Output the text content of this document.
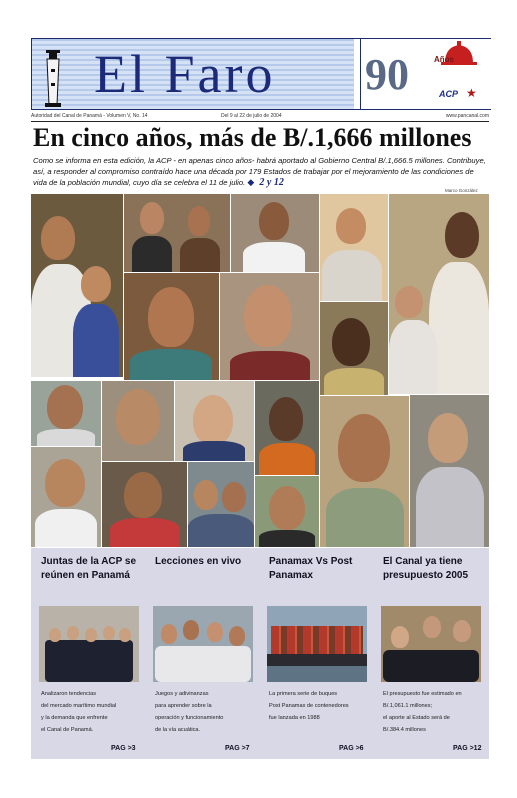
El Faro 90	Años
ACP ★
Autoridad del Canal de Panamá - Volumen V, No. 14	Del 9 al 22 de julio de 2004	www.pancanal.com
En cinco años, más de B/.1,666 millones

Como se informa en esta edición, la ACP - en apenas cinco años- habrá aportado al Gobierno Central B/.1,666.5 millones. Contribuye, así, a responder al compromiso contraído hace una década por 179 Estados de trabajar por el mejoramiento de las condiciones de vida de la población mundial, cuyo día se celebra el 11 de julio. ◆ 2 y 12

Marco González
Juntas de la ACP se reúnen en Panamá
Analizaron tendencias
del mercado marítimo mundial
y la demanda que enfrente
el Canal de Panamá.
PAG >3
Lecciones en vivo
Juegos y adivinanzas
para aprender sobre la
operación y funcionamiento
de la vía acuática.
PAG >7
Panamax Vs Post Panamax
La primera serie de buques
Post Panamax de contenedores
fue lanzada en 1988
PAG >6
El Canal ya tiene presupuesto 2005
El presupuesto fue estimado en
B/.1,061.1 millones;
el aporte al Estado será de
B/.384.4 millones
PAG >12
